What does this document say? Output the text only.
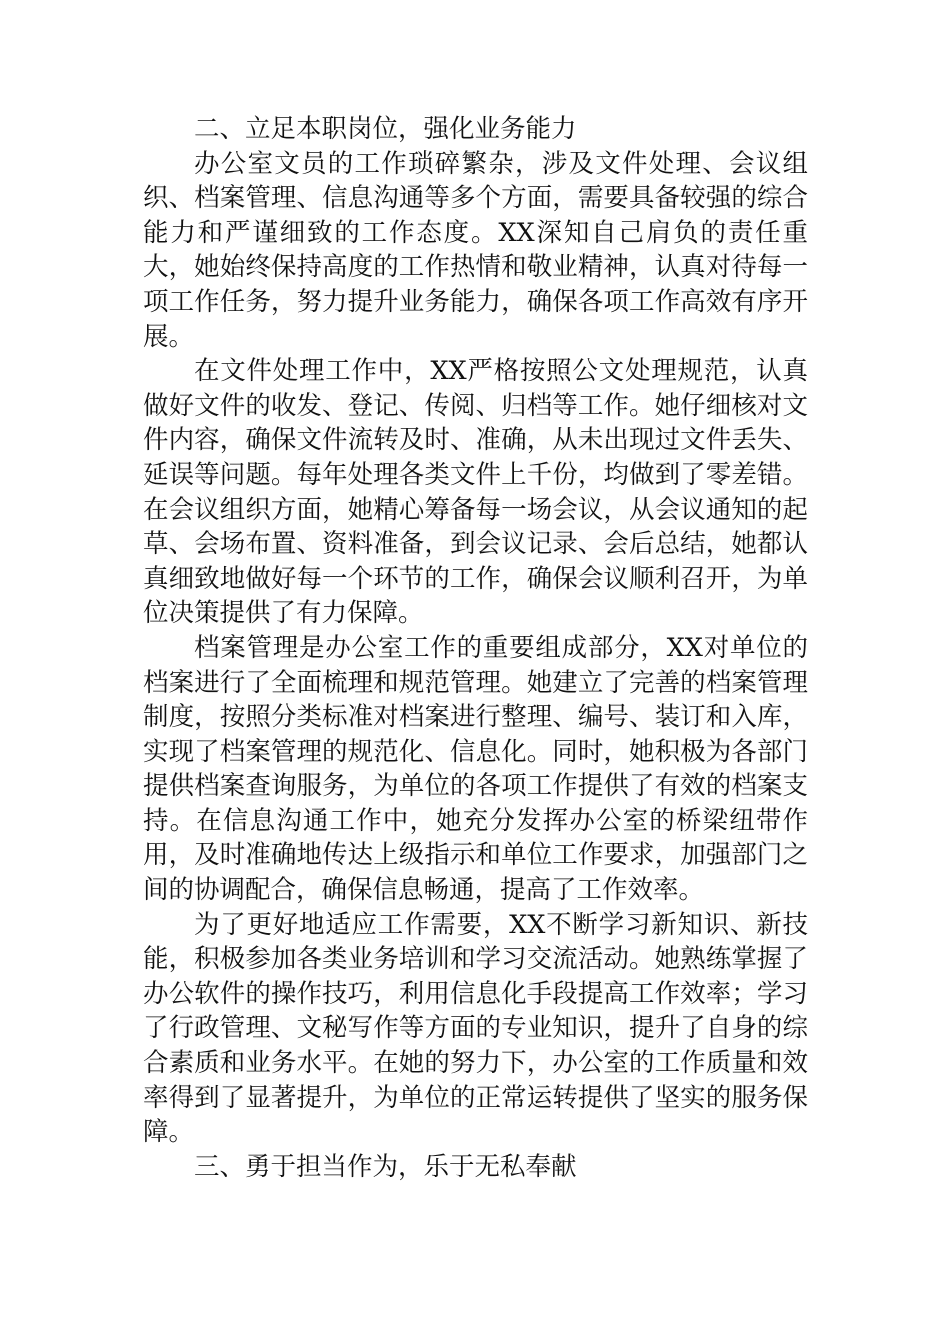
二、立足本职岗位，强化业务能力

办公室文员的工作琐碎繁杂，涉及文件处理、会议组织、档案管理、信息沟通等多个方面，需要具备较强的综合能力和严谨细致的工作态度。XX深知自己肩负的责任重大，她始终保持高度的工作热情和敬业精神，认真对待每一项工作任务，努力提升业务能力，确保各项工作高效有序开展。

在文件处理工作中，XX严格按照公文处理规范，认真做好文件的收发、登记、传阅、归档等工作。她仔细核对文件内容，确保文件流转及时、准确，从未出现过文件丢失、延误等问题。每年处理各类文件上千份，均做到了零差错。在会议组织方面，她精心筹备每一场会议，从会议通知的起草、会场布置、资料准备，到会议记录、会后总结，她都认真细致地做好每一个环节的工作，确保会议顺利召开，为单位决策提供了有力保障。

档案管理是办公室工作的重要组成部分，XX对单位的档案进行了全面梳理和规范管理。她建立了完善的档案管理制度，按照分类标准对档案进行整理、编号、装订和入库，实现了档案管理的规范化、信息化。同时，她积极为各部门提供档案查询服务，为单位的各项工作提供了有效的档案支持。在信息沟通工作中，她充分发挥办公室的桥梁纽带作用，及时准确地传达上级指示和单位工作要求，加强部门之间的协调配合，确保信息畅通，提高了工作效率。

为了更好地适应工作需要，XX不断学习新知识、新技能，积极参加各类业务培训和学习交流活动。她熟练掌握了办公软件的操作技巧，利用信息化手段提高工作效率；学习了行政管理、文秘写作等方面的专业知识，提升了自身的综合素质和业务水平。在她的努力下，办公室的工作质量和效率得到了显著提升，为单位的正常运转提供了坚实的服务保障。

三、勇于担当作为，乐于无私奉献
